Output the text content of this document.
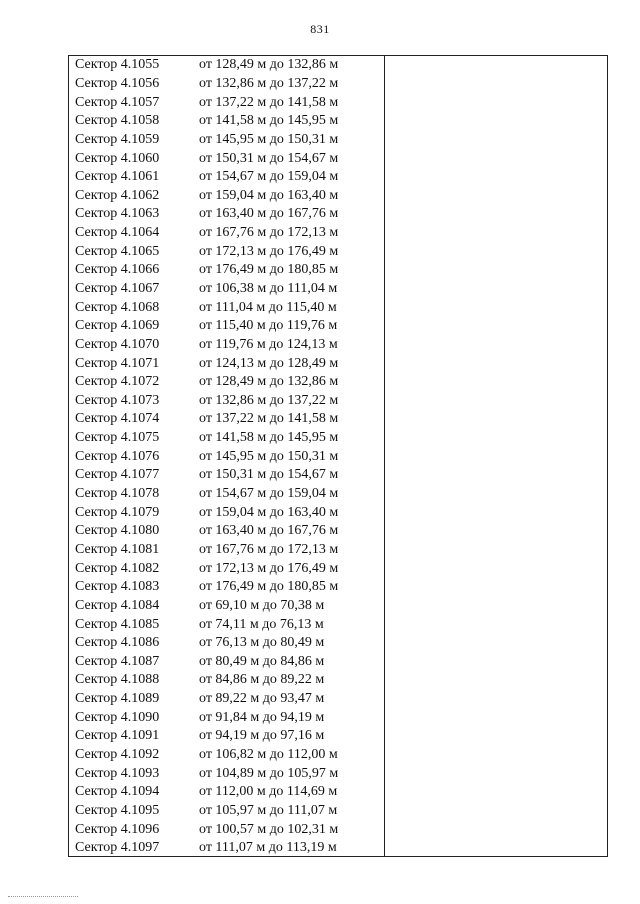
831
Сектор 4.1055	от 128,49 м до 132,86 м
Сектор 4.1056	от 132,86 м до 137,22 м
Сектор 4.1057	от 137,22 м до 141,58 м
Сектор 4.1058	от 141,58 м до 145,95 м
Сектор 4.1059	от 145,95 м до 150,31 м
Сектор 4.1060	от 150,31 м до 154,67 м
Сектор 4.1061	от 154,67 м до 159,04 м
Сектор 4.1062	от 159,04 м до 163,40 м
Сектор 4.1063	от 163,40 м до 167,76 м
Сектор 4.1064	от 167,76 м до 172,13 м
Сектор 4.1065	от 172,13 м до 176,49 м
Сектор 4.1066	от 176,49 м до 180,85 м
Сектор 4.1067	от 106,38 м до 111,04 м
Сектор 4.1068	от 111,04 м до 115,40 м
Сектор 4.1069	от 115,40 м до 119,76 м
Сектор 4.1070	от 119,76 м до 124,13 м
Сектор 4.1071	от 124,13 м до 128,49 м
Сектор 4.1072	от 128,49 м до 132,86 м
Сектор 4.1073	от 132,86 м до 137,22 м
Сектор 4.1074	от 137,22 м до 141,58 м
Сектор 4.1075	от 141,58 м до 145,95 м
Сектор 4.1076	от 145,95 м до 150,31 м
Сектор 4.1077	от 150,31 м до 154,67 м
Сектор 4.1078	от 154,67 м до 159,04 м
Сектор 4.1079	от 159,04 м до 163,40 м
Сектор 4.1080	от 163,40 м до 167,76 м
Сектор 4.1081	от 167,76 м до 172,13 м
Сектор 4.1082	от 172,13 м до 176,49 м
Сектор 4.1083	от 176,49 м до 180,85 м
Сектор 4.1084	от 69,10 м до 70,38 м
Сектор 4.1085	от 74,11 м до 76,13 м
Сектор 4.1086	от 76,13 м до 80,49 м
Сектор 4.1087	от 80,49 м до 84,86 м
Сектор 4.1088	от 84,86 м до 89,22 м
Сектор 4.1089	от 89,22 м до 93,47 м
Сектор 4.1090	от 91,84 м до 94,19 м
Сектор 4.1091	от 94,19 м до 97,16 м
Сектор 4.1092	от 106,82 м до 112,00 м
Сектор 4.1093	от 104,89 м до 105,97 м
Сектор 4.1094	от 112,00 м до 114,69 м
Сектор 4.1095	от 105,97 м до 111,07 м
Сектор 4.1096	от 100,57 м до 102,31 м
Сектор 4.1097	от 111,07 м до 113,19 м
